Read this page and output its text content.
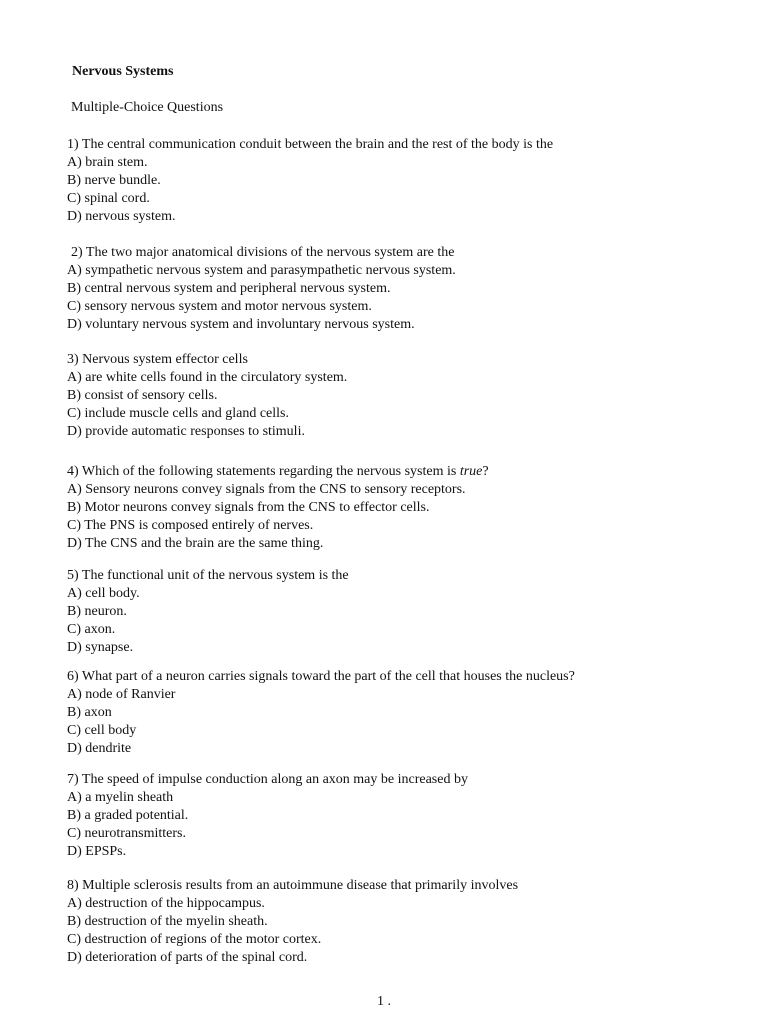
Nervous Systems
Multiple-Choice Questions
1) The central communication conduit between the brain and the rest of the body is the
A) brain stem.
B) nerve bundle.
C) spinal cord.
D) nervous system.
2) The two major anatomical divisions of the nervous system are the
A) sympathetic nervous system and parasympathetic nervous system.
B) central nervous system and peripheral nervous system.
C) sensory nervous system and motor nervous system.
D) voluntary nervous system and involuntary nervous system.
3) Nervous system effector cells
A) are white cells found in the circulatory system.
B) consist of sensory cells.
C) include muscle cells and gland cells.
D) provide automatic responses to stimuli.
4) Which of the following statements regarding the nervous system is true?
A) Sensory neurons convey signals from the CNS to sensory receptors.
B) Motor neurons convey signals from the CNS to effector cells.
C) The PNS is composed entirely of nerves.
D) The CNS and the brain are the same thing.
5) The functional unit of the nervous system is the
A) cell body.
B) neuron.
C) axon.
D) synapse.
6) What part of a neuron carries signals toward the part of the cell that houses the nucleus?
A) node of Ranvier
B) axon
C) cell body
D) dendrite
7) The speed of impulse conduction along an axon may be increased by
A) a myelin sheath
B) a graded potential.
C) neurotransmitters.
D) EPSPs.
8) Multiple sclerosis results from an autoimmune disease that primarily involves
A) destruction of the hippocampus.
B) destruction of the myelin sheath.
C) destruction of regions of the motor cortex.
D) deterioration of parts of the spinal cord.
1 .
